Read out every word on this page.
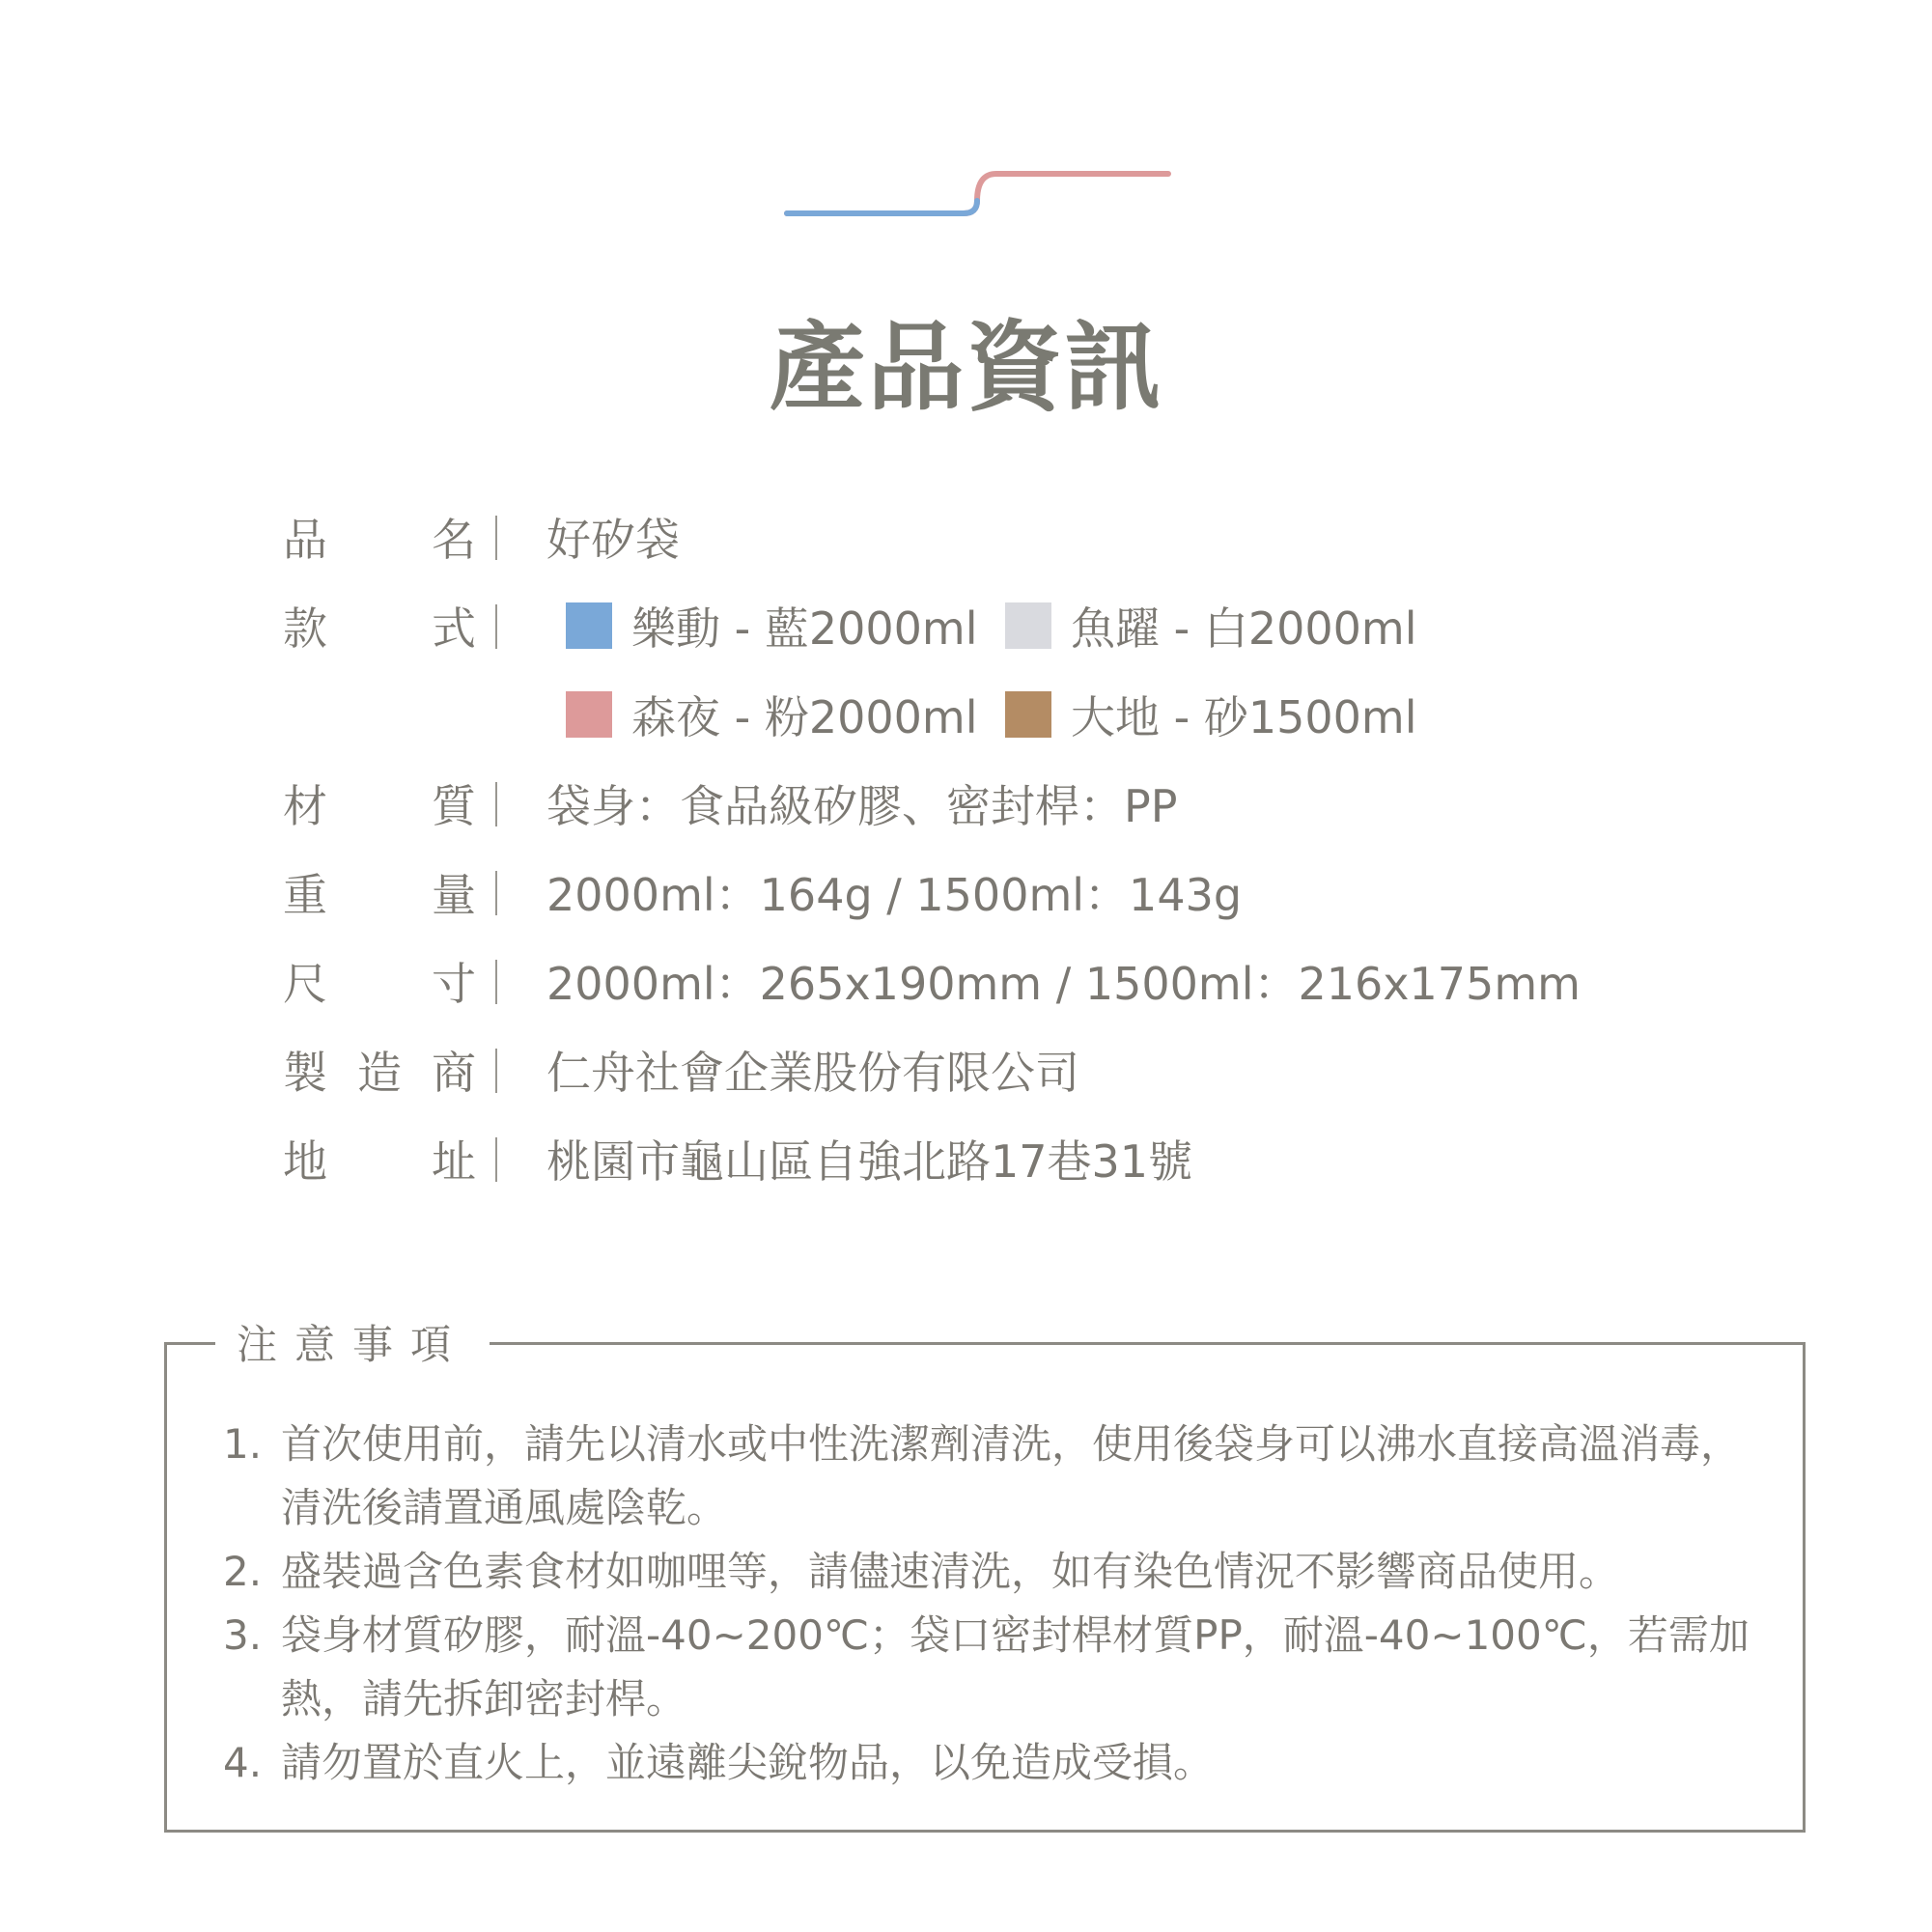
產品資訊
品 名 好矽袋
款 式	樂動 - 藍2000ml 魚躍 - 白2000ml
森夜 - 粉2000ml 大地 - 砂1500ml
材 質 袋身：食品級矽膠、密封桿：PP
重 量 2000ml：164g / 1500ml：143g
尺 寸 2000ml：265x190mm / 1500ml：216x175mm
製 造 商 仁舟社會企業股份有限公司
地 址 桃園市龜山區自強北路17巷31號
注意事項
1. 首次使用前，請先以清水或中性洗潔劑清洗，使用後袋身可以沸水直接高溫消毒，清洗後請置通風處陰乾。
2. 盛裝過含色素食材如咖哩等，請儘速清洗，如有染色情況不影響商品使用。
3. 袋身材質矽膠，耐溫-40~200℃；袋口密封桿材質PP，耐溫-40~100℃，若需加熱，請先拆卸密封桿。
4. 請勿置於直火上，並遠離尖銳物品，以免造成受損。
